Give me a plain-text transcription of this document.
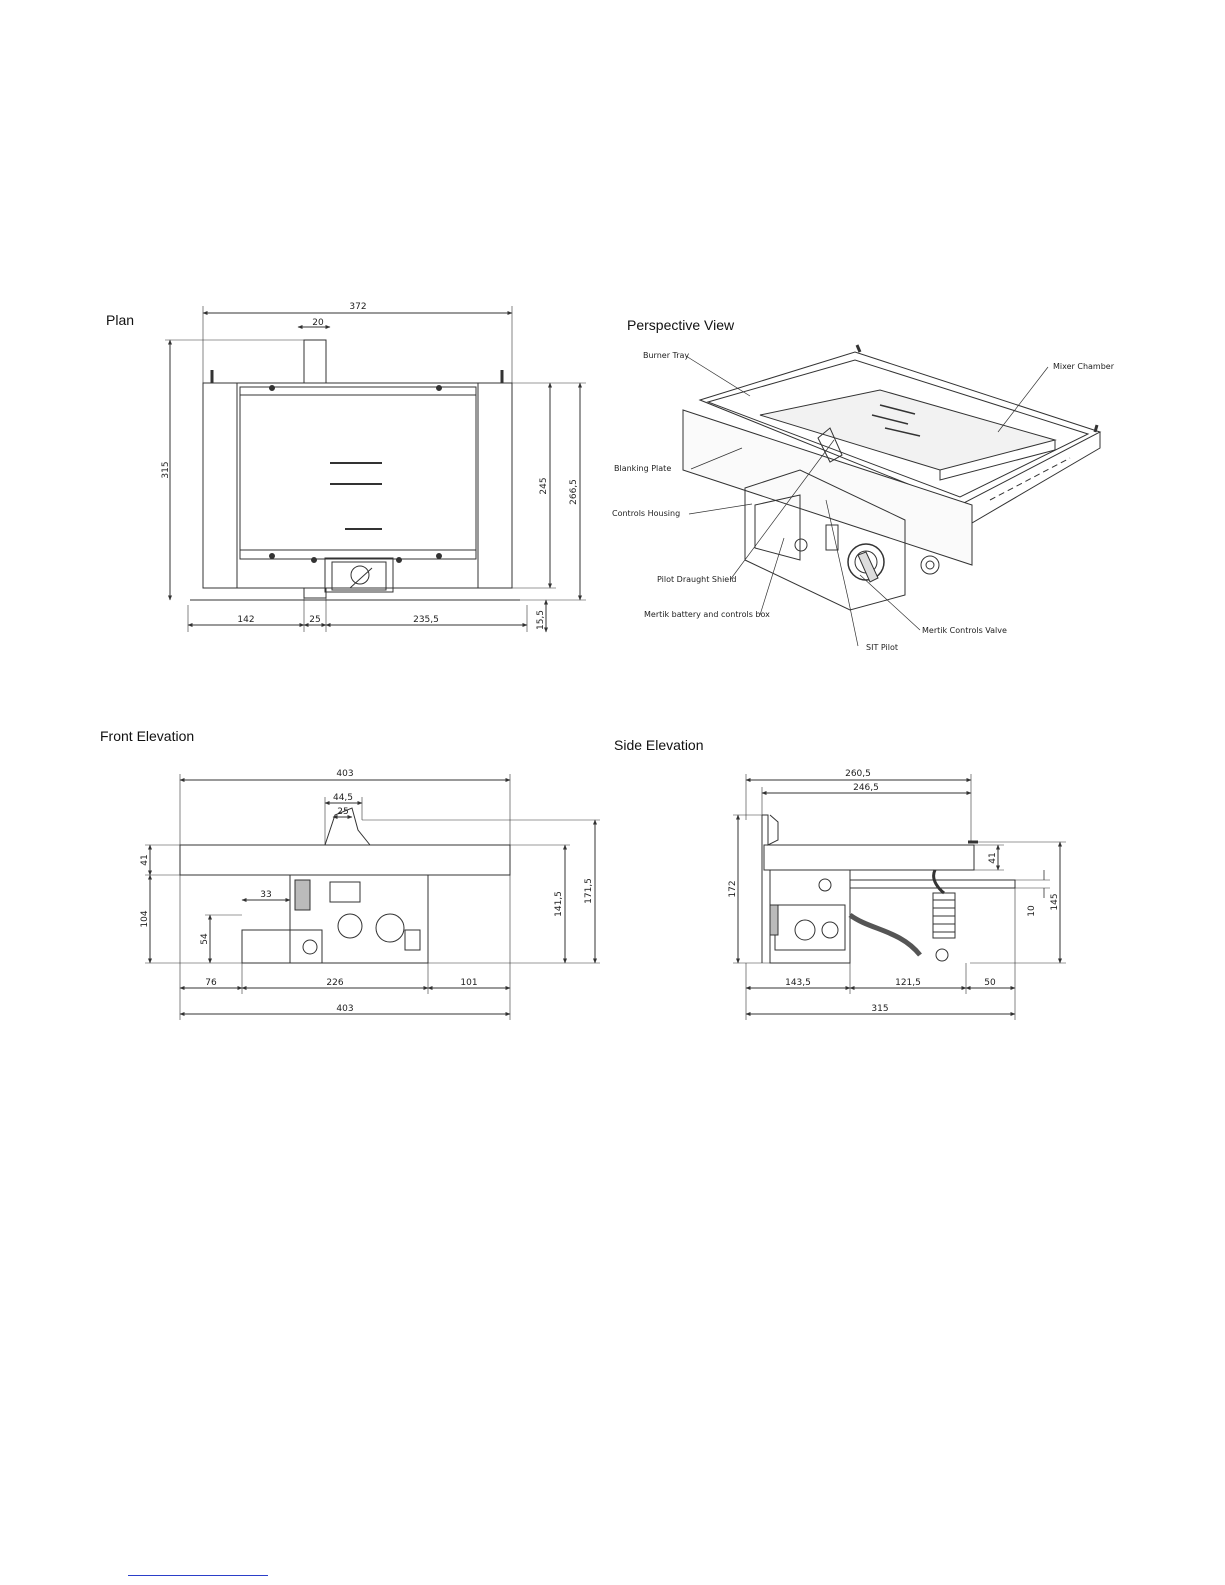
Plan	Perspective View
Front Elevation
Side Elevation
372
20
315
245 266,5
142	25	235,5	15,5
Burner Tray
Mixer Chamber
Blanking Plate
Controls Housing
Pilot Draught Shield
Mertik battery and controls box
Mertik Controls Valve
SIT Pilot
403
44,5
25
41
104
54
33	141,5
171,5
76	226	101
403
260,5
246,5
172
41
10
145
143,5	121,5	50
315
